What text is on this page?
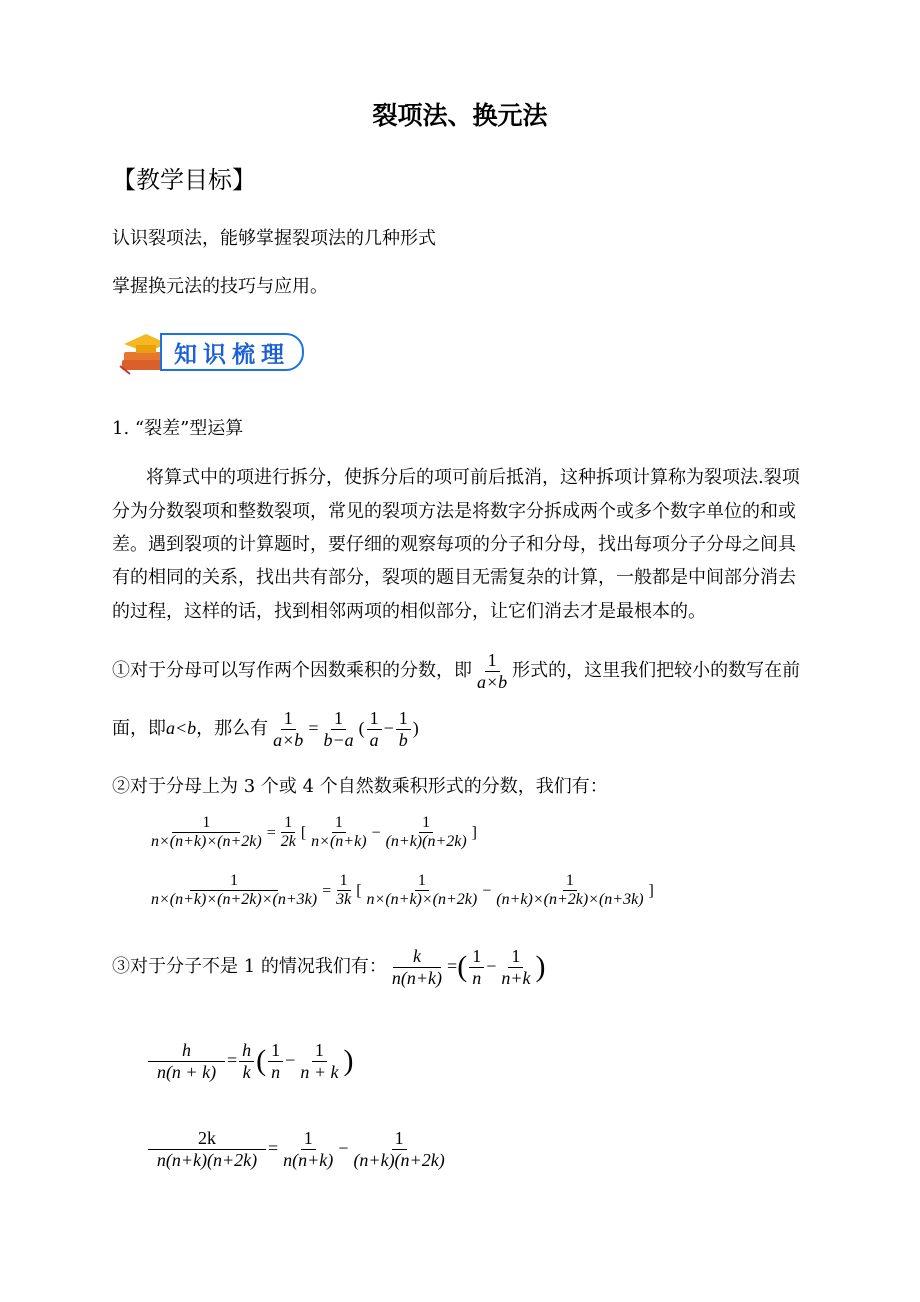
裂项法、换元法
【教学目标】
认识裂项法，能够掌握裂项法的几种形式
掌握换元法的技巧与应用。
知识梳理
1. “裂差”型运算
将算式中的项进行拆分，使拆分后的项可前后抵消，这种拆项计算称为裂项法.裂项
分为分数裂项和整数裂项，常见的裂项方法是将数字分拆成两个或多个数字单位的和或
差。遇到裂项的计算题时，要仔细的观察每项的分子和分母，找出每项分子分母之间具
有的相同的关系，找出共有部分，裂项的题目无需复杂的计算，一般都是中间部分消去
的过程，这样的话，找到相邻两项的相似部分，让它们消去才是最根本的。
①对于分母可以写作两个因数乘积的分数，即 $\frac{1}{a\times b}$ 形式的，这里我们把较小的数写在前
面，即a<b，那么有 $\frac{1}{a\times b} = \frac{1}{b-a}$ ( $\frac{1}{a} - \frac{1}{b}$ )
②对于分母上为 3 个或 4 个自然数乘积形式的分数，我们有：
$\frac{1}{n\times(n+k)\times(n+2k)} = \frac{1}{2k}$ [ $\frac{1}{n\times(n+k)} - \frac{1}{(n+k)(n+2k)}$ ]
$\frac{1}{n\times(n+k)\times(n+2k)\times(n+3k)} = \frac{1}{3k}$ [ $\frac{1}{n\times(n+k)\times(n+2k)} - \frac{1}{(n+k)\times(n+2k)\times(n+3k)}$ ]
③对于分子不是 1 的情况我们有： $\frac{k}{n(n+k)}$ =( $\frac{1}{n} - \frac{1}{n+k}$ )
$\frac{h}{n(n + k)} = \frac{h}{k}$ ( $\frac{1}{n} - \frac{1}{n + k}$ )
$\frac{2k}{n(n+k)(n+2k)} = \frac{1}{n(n+k)} - \frac{1}{(n+k)(n+2k)}$
